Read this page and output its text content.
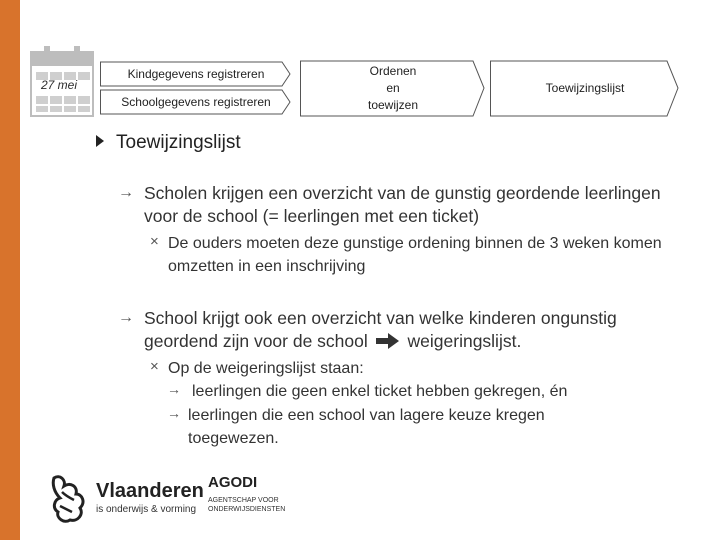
27 mei
Kindgegevens registreren
Schoolgegevens registreren
Ordenen
en
toewijzen
Toewijzingslijst
Toewijzingslijst
→ Scholen krijgen een overzicht van de gunstig geordende leerlingen voor de school (= leerlingen met een ticket)
× De ouders moeten deze gunstige ordening binnen de 3 weken komen omzetten in een inschrijving
→ School krijgt ook een overzicht van welke kinderen ongunstig geordend zijn voor de school weigeringslijst.
× Op de weigeringslijst staan:
→ leerlingen die geen enkel ticket hebben gekregen, én
→ leerlingen die een school van lagere keuze kregen toegewezen.
Vlaanderen
is onderwijs & vorming
AGODI
AGENTSCHAP VOOR
ONDERWIJSDIENSTEN
